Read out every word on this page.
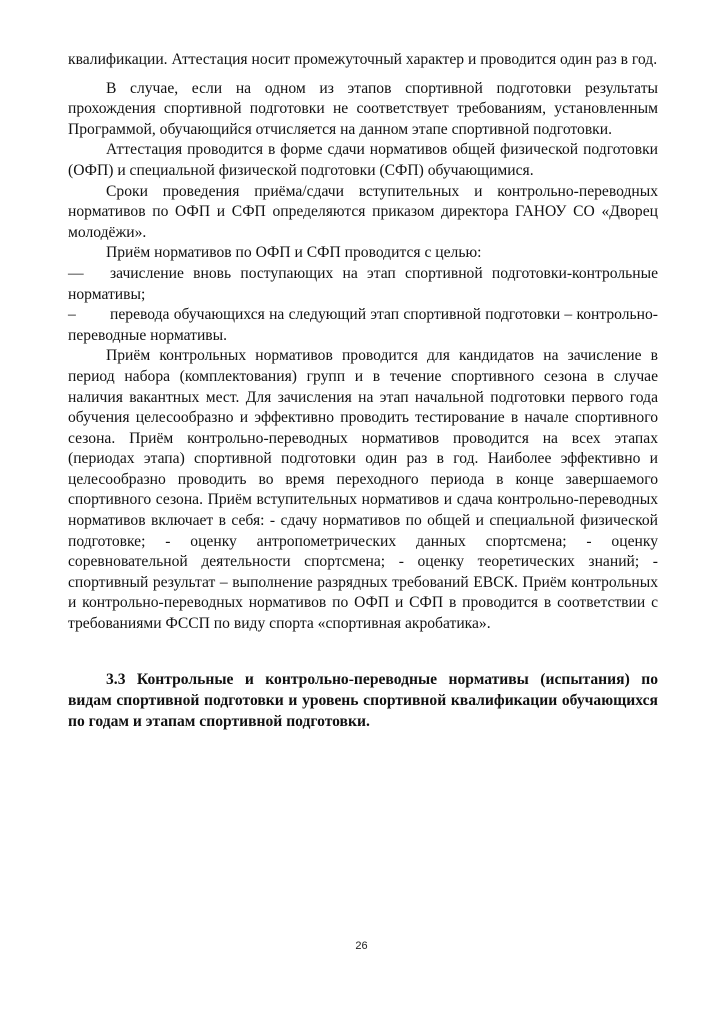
квалификации. Аттестация носит промежуточный характер и проводится один раз в год.

В случае, если на одном из этапов спортивной подготовки результаты прохождения спортивной подготовки не соответствует требованиям, установленным Программой, обучающийся отчисляется на данном этапе спортивной подготовки.

Аттестация проводится в форме сдачи нормативов общей физической подготовки (ОФП) и специальной физической подготовки (СФП) обучающимися.

Сроки проведения приёма/сдачи вступительных и контрольно-переводных нормативов по ОФП и СФП определяются приказом директора ГАНОУ СО «Дворец молодёжи».

Приём нормативов по ОФП и СФП проводится с целью:

— зачисление вновь поступающих на этап спортивной подготовки-контрольные нормативы;

– перевода обучающихся на следующий этап спортивной подготовки – контрольно-переводные нормативы.

Приём контрольных нормативов проводится для кандидатов на зачисление в период набора (комплектования) групп и в течение спортивного сезона в случае наличия вакантных мест. Для зачисления на этап начальной подготовки первого года обучения целесообразно и эффективно проводить тестирование в начале спортивного сезона. Приём контрольно-переводных нормативов проводится на всех этапах (периодах этапа) спортивной подготовки один раз в год. Наиболее эффективно и целесообразно проводить во время переходного периода в конце завершаемого спортивного сезона. Приём вступительных нормативов и сдача контрольно-переводных нормативов включает в себя: - сдачу нормативов по общей и специальной физической подготовке; - оценку антропометрических данных спортсмена; - оценку соревновательной деятельности спортсмена; - оценку теоретических знаний; - спортивный результат – выполнение разрядных требований ЕВСК. Приём контрольных и контрольно-переводных нормативов по ОФП и СФП в проводится в соответствии с требованиями ФССП по виду спорта «спортивная акробатика».

3.3 Контрольные и контрольно-переводные нормативы (испытания) по видам спортивной подготовки и уровень спортивной квалификации обучающихся по годам и этапам спортивной подготовки.

26
